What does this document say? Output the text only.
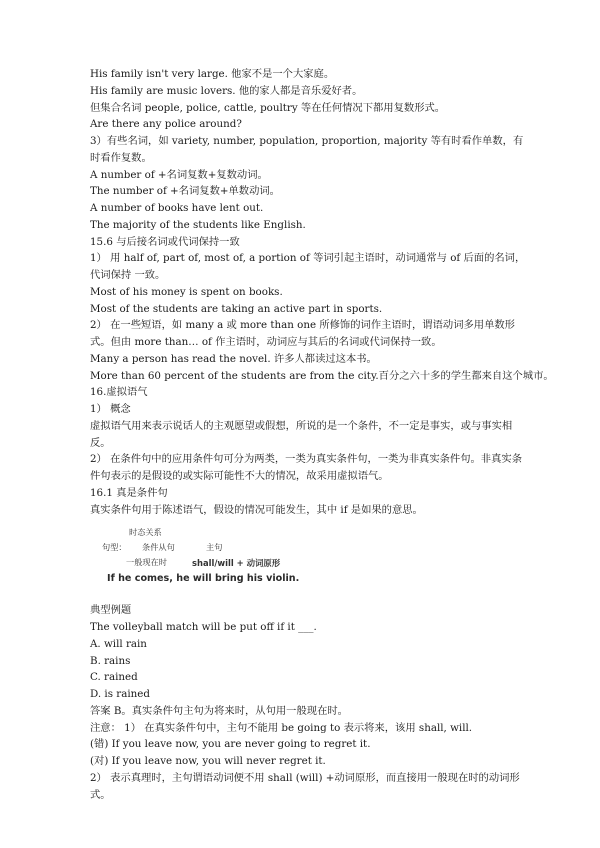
His family isn't very large. 他家不是一个大家庭。
His family are music lovers. 他的家人都是音乐爱好者。
但集合名词 people, police, cattle, poultry 等在任何情况下都用复数形式。
Are there any police around?
3）有些名词，如 variety, number, population, proportion, majority 等有时看作单数，有时看作复数。
A number of +名词复数+复数动词。
The number of +名词复数+单数动词。
A number of books have lent out.
The majority of the students like English.
15.6 与后接名词或代词保持一致
1） 用 half of, part of, most of, a portion of 等词引起主语时，动词通常与 of 后面的名词，代词保持 一致。
Most of his money is spent on books.
Most of the students are taking an active part in sports.
2） 在一些短语，如 many a 或 more than one 所修饰的词作主语时，谓语动词多用单数形式。但由 more than… of 作主语时，动词应与其后的名词或代词保持一致。
Many a person has read the novel. 许多人都读过这本书。
More than 60 percent of the students are from the city.百分之六十多的学生都来自这个城市。
16.虚拟语气
1） 概念
虚拟语气用来表示说话人的主观愿望或假想，所说的是一个条件，不一定是事实，或与事实相反。
2） 在条件句中的应用条件句可分为两类，一类为真实条件句，一类为非真实条件句。非真实条件句表示的是假设的或实际可能性不大的情况，故采用虚拟语气。
16.1 真是条件句
真实条件句用于陈述语气，假设的情况可能发生，其中 if 是如果的意思。
时态关系
句型： 条件从句	主句
一般现在时	shall/will + 动词原形
If he comes, he will bring his violin.
典型例题
The volleyball match will be put off if it ___.
A. will rain
B. rains
C. rained
D. is rained
答案 B。真实条件句主句为将来时，从句用一般现在时。
注意： 1） 在真实条件句中，主句不能用 be going to 表示将来，该用 shall, will.
(错) If you leave now, you are never going to regret it.
(对) If you leave now, you will never regret it.
2） 表示真理时，主句谓语动词便不用 shall (will) +动词原形，而直接用一般现在时的动词形式。
